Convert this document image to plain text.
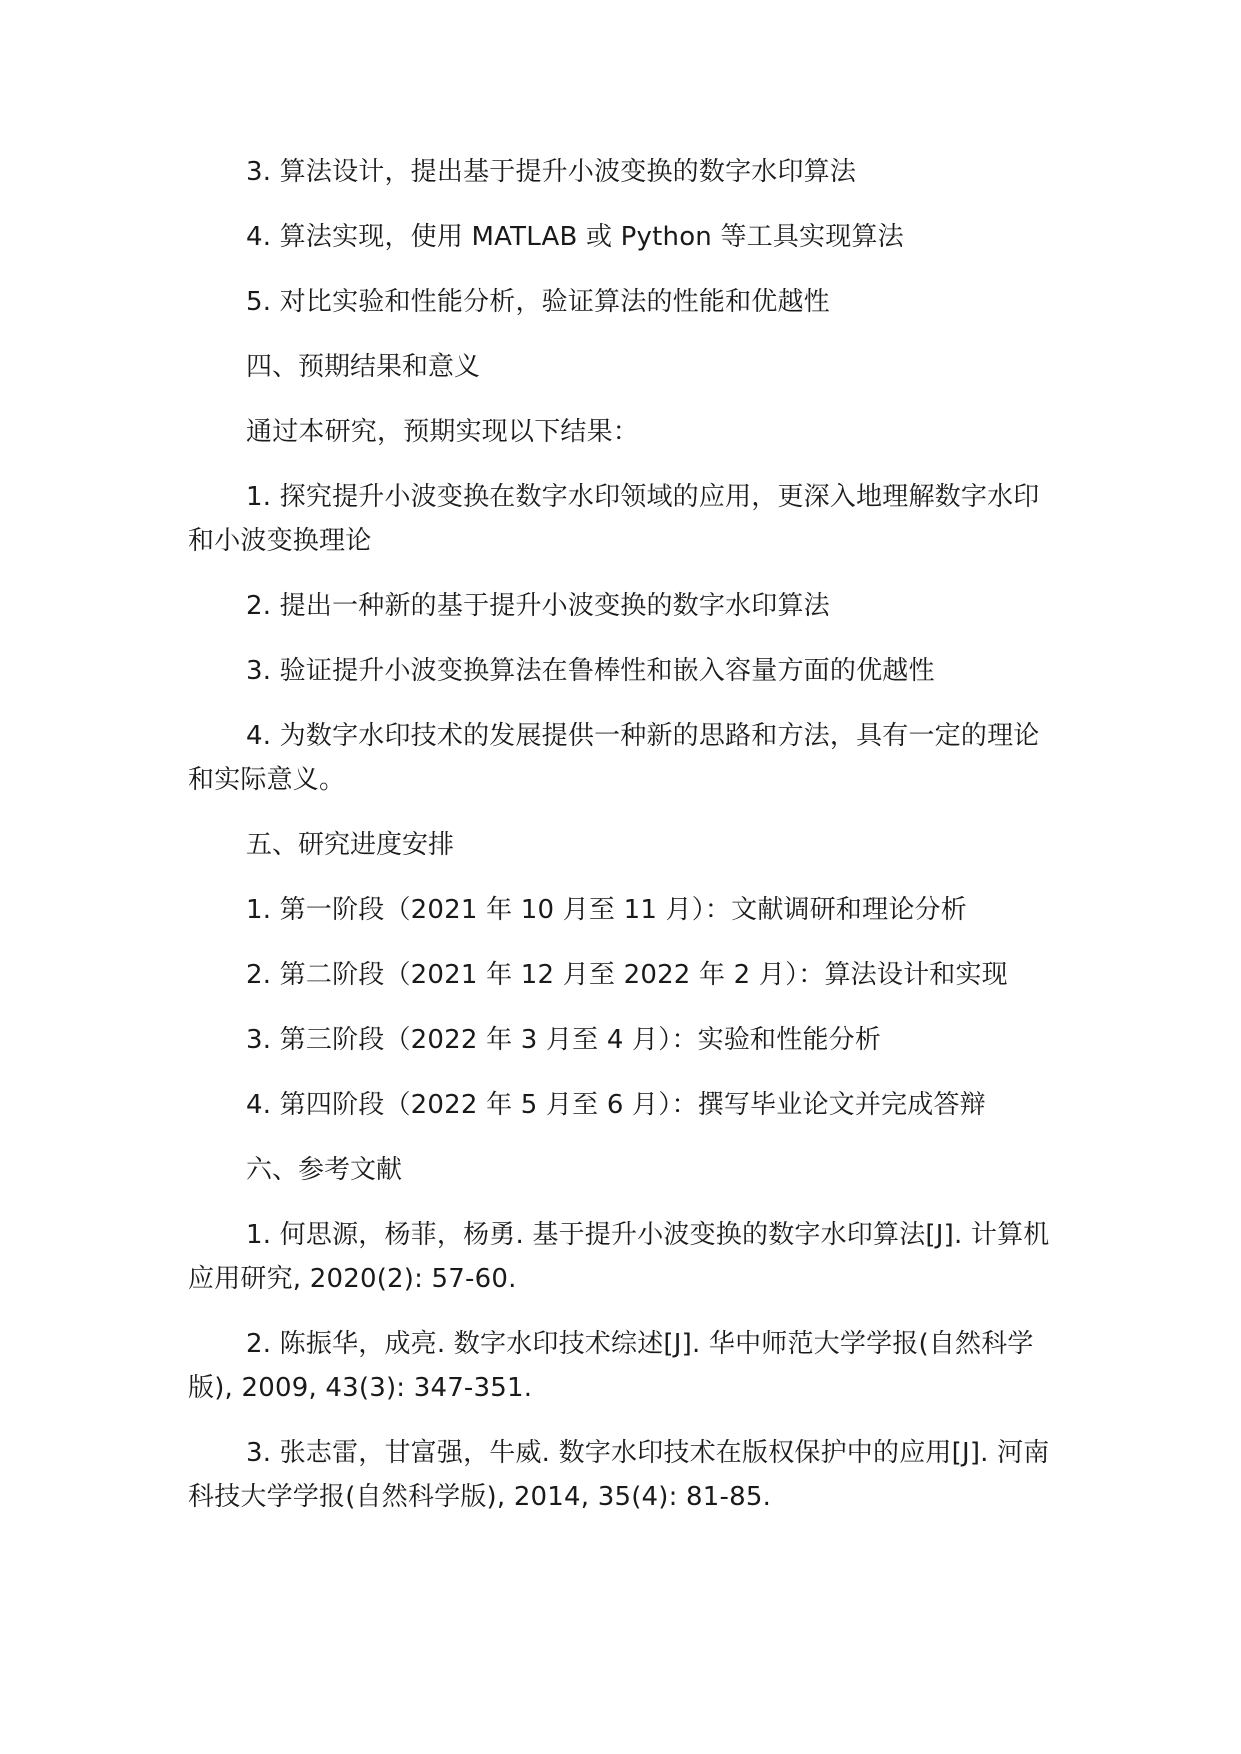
3. 算法设计，提出基于提升小波变换的数字水印算法

4. 算法实现，使用 MATLAB 或 Python 等工具实现算法

5. 对比实验和性能分析，验证算法的性能和优越性

四、预期结果和意义

通过本研究，预期实现以下结果：

1. 探究提升小波变换在数字水印领域的应用，更深入地理解数字水印和小波变换理论

2. 提出一种新的基于提升小波变换的数字水印算法

3. 验证提升小波变换算法在鲁棒性和嵌入容量方面的优越性

4. 为数字水印技术的发展提供一种新的思路和方法，具有一定的理论和实际意义。

五、研究进度安排

1. 第一阶段（2021 年 10 月至 11 月）：文献调研和理论分析

2. 第二阶段（2021 年 12 月至 2022 年 2 月）：算法设计和实现

3. 第三阶段（2022 年 3 月至 4 月）：实验和性能分析

4. 第四阶段（2022 年 5 月至 6 月）：撰写毕业论文并完成答辩

六、参考文献

1. 何思源，杨菲，杨勇. 基于提升小波变换的数字水印算法[J]. 计算机应用研究, 2020(2): 57-60.

2. 陈振华，成亮. 数字水印技术综述[J]. 华中师范大学学报(自然科学版), 2009, 43(3): 347-351.

3. 张志雷，甘富强，牛威. 数字水印技术在版权保护中的应用[J]. 河南科技大学学报(自然科学版), 2014, 35(4): 81-85.
